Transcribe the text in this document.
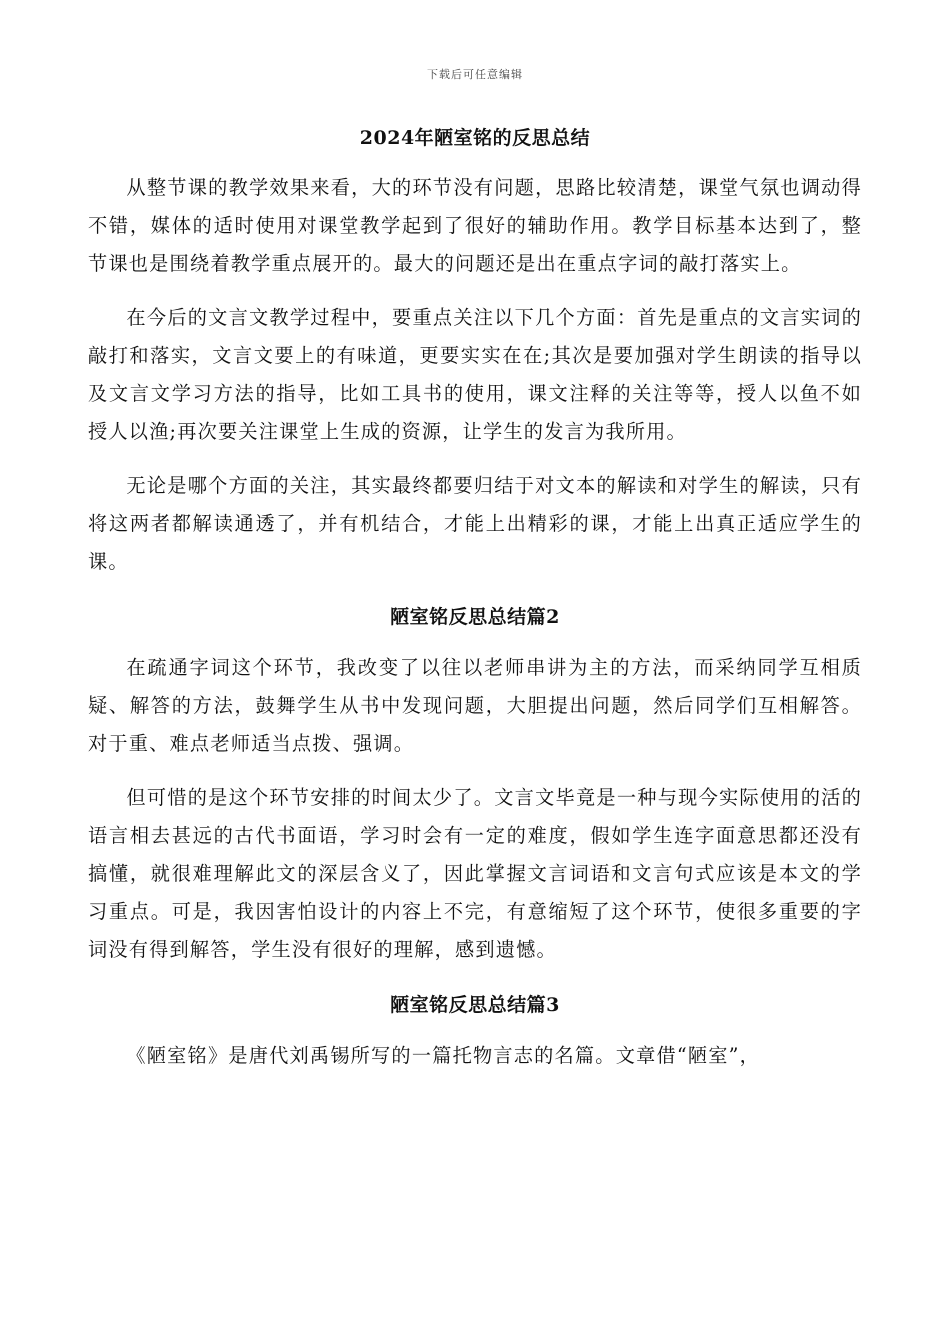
下载后可任意编辑
2024年陋室铭的反思总结

从整节课的教学效果来看，大的环节没有问题，思路比较清楚，课堂气氛也调动得不错，媒体的适时使用对课堂教学起到了很好的辅助作用。教学目标基本达到了，整节课也是围绕着教学重点展开的。最大的问题还是出在重点字词的敲打落实上。

在今后的文言文教学过程中，要重点关注以下几个方面：首先是重点的文言实词的敲打和落实，文言文要上的有味道，更要实实在在;其次是要加强对学生朗读的指导以及文言文学习方法的指导，比如工具书的使用，课文注释的关注等等，授人以鱼不如授人以渔;再次要关注课堂上生成的资源，让学生的发言为我所用。

无论是哪个方面的关注，其实最终都要归结于对文本的解读和对学生的解读，只有将这两者都解读通透了，并有机结合，才能上出精彩的课，才能上出真正适应学生的课。

陋室铭反思总结篇2

在疏通字词这个环节，我改变了以往以老师串讲为主的方法，而采纳同学互相质疑、解答的方法，鼓舞学生从书中发现问题，大胆提出问题，然后同学们互相解答。对于重、难点老师适当点拨、强调。

但可惜的是这个环节安排的时间太少了。文言文毕竟是一种与现今实际使用的活的语言相去甚远的古代书面语，学习时会有一定的难度，假如学生连字面意思都还没有搞懂，就很难理解此文的深层含义了，因此掌握文言词语和文言句式应该是本文的学习重点。可是，我因害怕设计的内容上不完，有意缩短了这个环节，使很多重要的字词没有得到解答，学生没有很好的理解，感到遗憾。

陋室铭反思总结篇3

《陋室铭》是唐代刘禹锡所写的一篇托物言志的名篇。文章借“陋室”，
